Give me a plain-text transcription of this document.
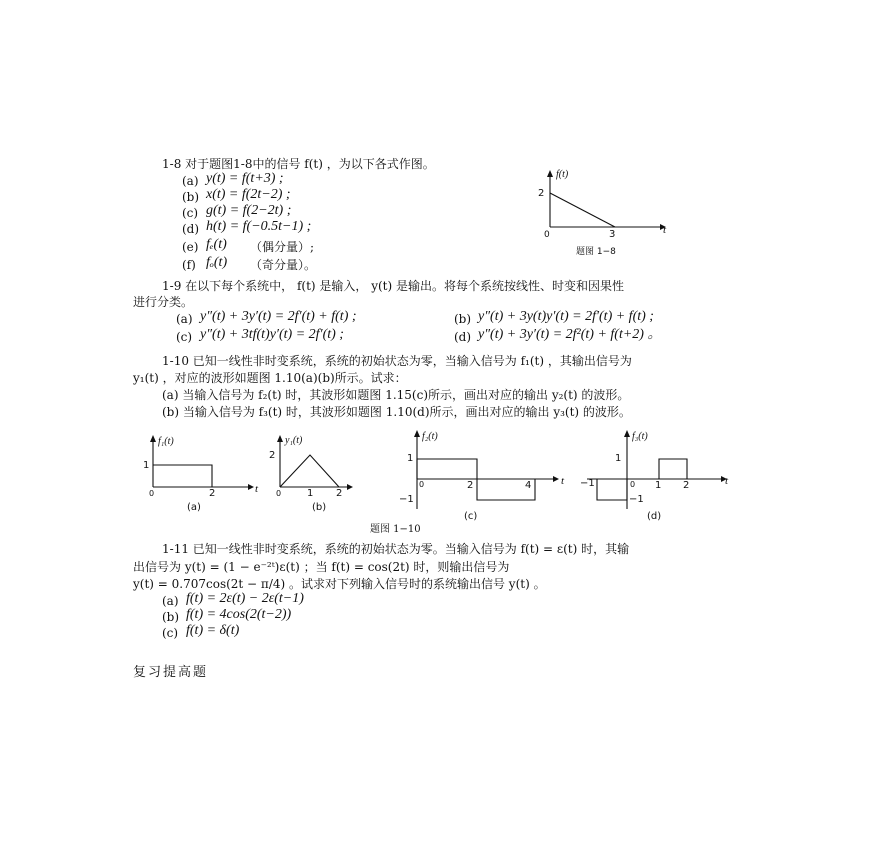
1-8 对于题图1-8中的信号 f(t) ，为以下各式作图。
(a) y(t) = f(t+3) ;
(b) x(t) = f(2t−2) ;
(c) g(t) = f(2−2t) ;
(d) h(t) = f(−0.5t−1) ;
(e) fₑ(t) （偶分量）;
(f) fₒ(t) （奇分量）。
f(t)
2
0	3	t
题图 1−8
1-9 在以下每个系统中， f(t) 是输入， y(t) 是输出。将每个系统按线性、时变和因果性
进行分类。
(a) y″(t) + 3y′(t) = 2f′(t) + f(t) ;	(b) y″(t) + 3y(t)y′(t) = 2f′(t) + f(t) ;
(c) y″(t) + 3tf(t)y′(t) = 2f′(t) ;	(d) y″(t) + 3y′(t) = 2f²(t) + f(t+2) 。
1-10 已知一线性非时变系统，系统的初始状态为零，当输入信号为 f₁(t) ，其输出信号为
y₁(t) ，对应的波形如题图 1.10(a)(b)所示。试求：
(a) 当输入信号为 f₂(t) 时，其波形如题图 1.15(c)所示，画出对应的输出 y₂(t) 的波形。
(b) 当输入信号为 f₃(t) 时，其波形如题图 1.10(d)所示，画出对应的输出 y₃(t) 的波形。
f₁(t)
1
0	2	t
(a)
y₁(t)
2
0	1 2
(b)
f₂(t)
1
−1
0	2	4	t
(c)
f₃(t)
1
−1
−1	0 1 2	t
(d)
题图 1−10
1-11 已知一线性非时变系统，系统的初始状态为零。当输入信号为 f(t) = ε(t) 时，其输
出信号为 y(t) = (1 − e⁻²ᵗ)ε(t) ；当 f(t) = cos(2t) 时，则输出信号为
y(t) = 0.707cos(2t − π/4) 。试求对下列输入信号时的系统输出信号 y(t) 。
(a) f(t) = 2ε(t) − 2ε(t−1)
(b) f(t) = 4cos(2(t−2))
(c) f(t) = δ(t)
复习提高题
